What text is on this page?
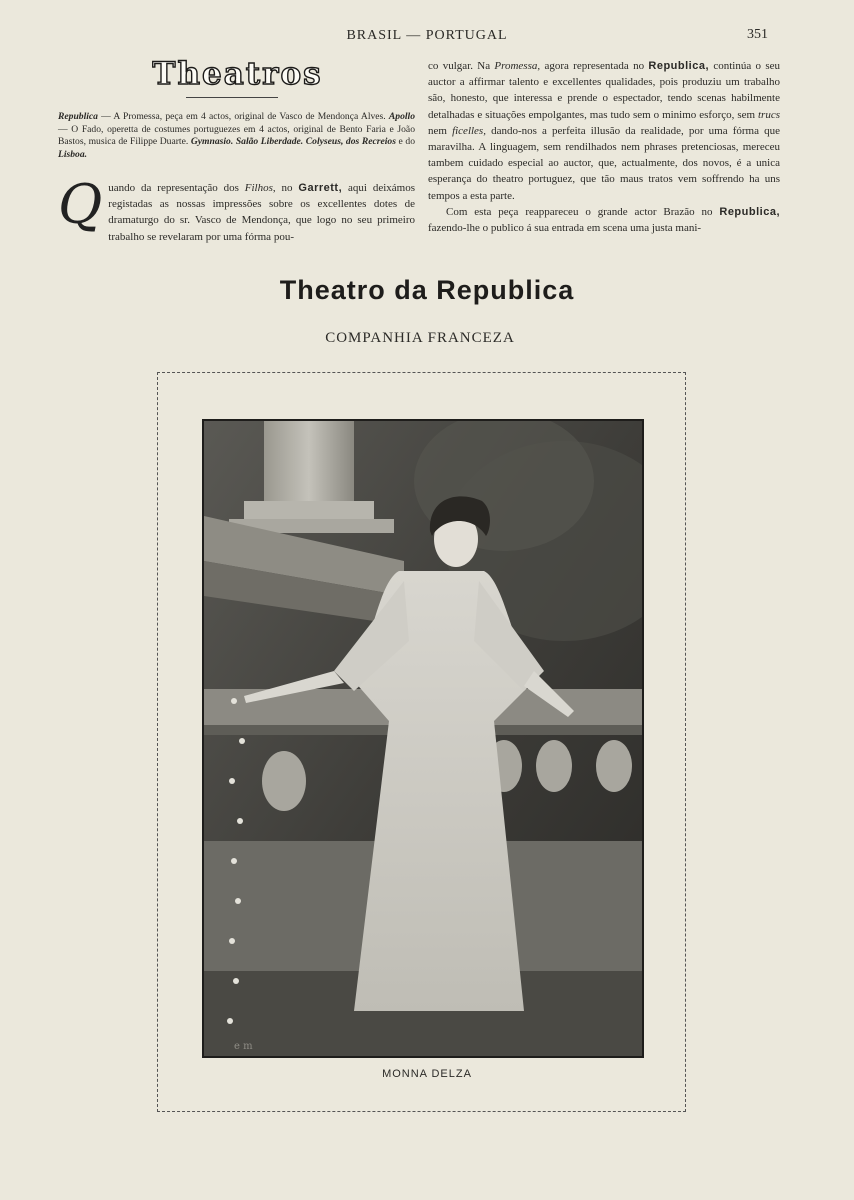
BRASIL — PORTUGAL	351
Theatros
Republica — A Promessa, peça em 4 actos, original de Vasco de Mendonça Alves. Apollo — O Fado, operetta de costumes portuguezes em 4 actos, original de Bento Faria e João Bastos, musica de Filippe Duarte. Gymnasio. Salão Liberdade. Colyseus, dos Recreios e do Lisboa.
Quando da representação dos Filhos, no Garrett, aqui deixámos registadas as nossas impressões sobre os excellentes dotes de dramaturgo do sr. Vasco de Mendonça, que logo no seu primeiro trabalho se revelaram por uma fórma pou-
co vulgar. Na Promessa, agora representada no Republica, continúa o seu auctor a affirmar talento e excellentes qualidades, pois produziu um trabalho são, honesto, que interessa e prende o espectador, tendo scenas habilmente detalhadas e situações empolgantes, mas tudo sem o minimo esforço, sem trucs nem ficelles, dando-nos a perfeita illusão da realidade, por uma fórma que maravilha. A linguagem, sem rendilhados nem phrases pretenciosas, mereceu tambem cuidado especial ao auctor, que, actualmente, dos novos, é a unica esperança do theatro portuguez, que tão maus tratos vem soffrendo ha uns tempos a esta parte.
Com esta peça reappareceu o grande actor Brazão no Republica, fazendo-lhe o publico á sua entrada em scena uma justa mani-
Theatro da Republica
COMPANHIA FRANCEZA
e m
MONNA DELZA
